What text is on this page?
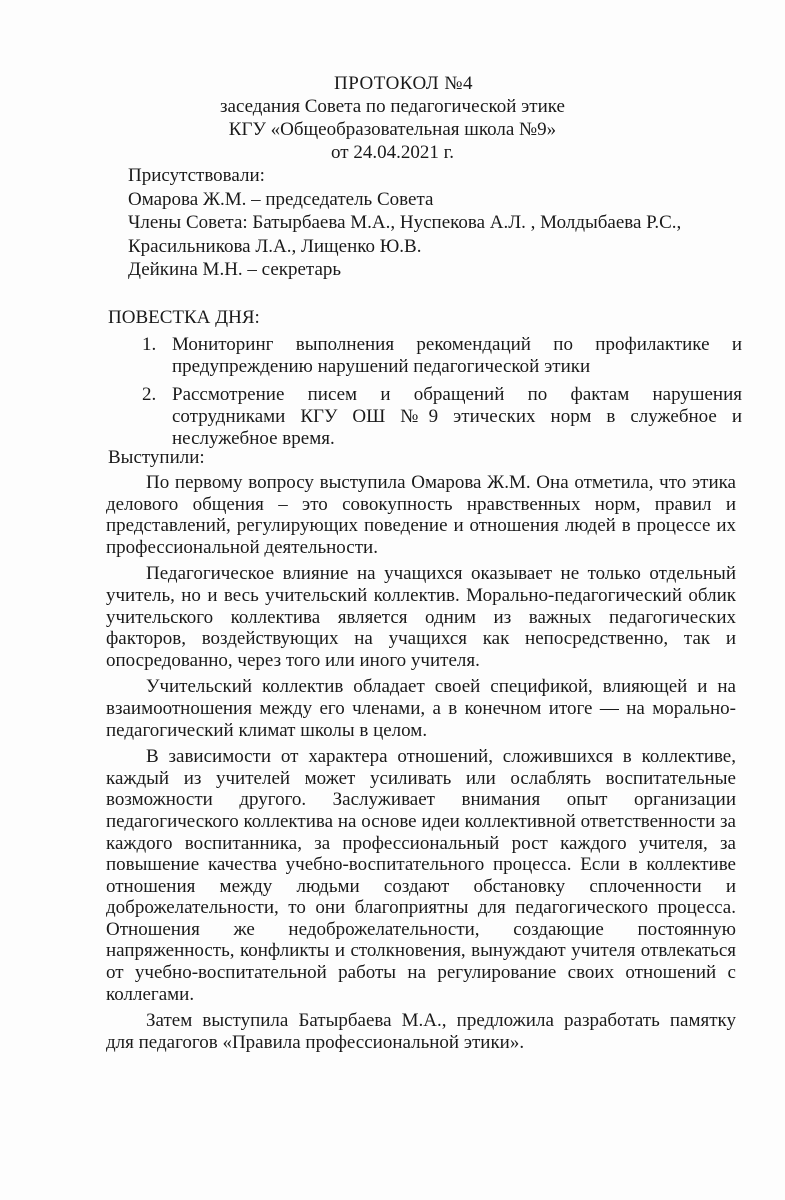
ПРОТОКОЛ №4
заседания Совета по педагогической этике
КГУ «Общеобразовательная школа №9»
от 24.04.2021 г.
Присутствовали:
Омарова Ж.М. – председатель Совета
Члены Совета: Батырбаева М.А., Нуспекова А.Л. , Молдыбаева Р.С.,
Красильникова Л.А., Лищенко Ю.В.
Дейкина М.Н. – секретарь
ПОВЕСТКА ДНЯ:
1. Мониторинг выполнения рекомендаций по профилактике и предупреждению нарушений педагогической этики
2. Рассмотрение писем и обращений по фактам нарушения сотрудниками КГУ ОШ №9 этических норм в служебное и неслужебное время.
Выступили:

По первому вопросу выступила Омарова Ж.М. Она отметила, что этика делового общения – это совокупность нравственных норм, правил и представлений, регулирующих поведение и отношения людей в процессе их профессиональной деятельности.

Педагогическое влияние на учащихся оказывает не только отдельный учитель, но и весь учительский коллектив. Морально-педагогический облик учительского коллектива является одним из важных педагогических факторов, воздействующих на учащихся как непосредственно, так и опосредованно, через того или иного учителя.

Учительский коллектив обладает своей спецификой, влияющей и на взаимоотношения между его членами, а в конечном итоге — на морально-педагогический климат школы в целом.

В зависимости от характера отношений, сложившихся в коллективе, каждый из учителей может усиливать или ослаблять воспитательные возможности другого. Заслуживает внимания опыт организации педагогического коллектива на основе идеи коллективной ответственности за каждого воспитанника, за профессиональный рост каждого учителя, за повышение качества учебно-воспитательного процесса. Если в коллективе отношения между людьми создают обстановку сплоченности и доброжелательности, то они благоприятны для педагогического процесса. Отношения же недоброжелательности, создающие постоянную напряженность, конфликты и столкновения, вынуждают учителя отвлекаться от учебно-воспитательной работы на регулирование своих отношений с коллегами.

Затем выступила Батырбаева М.А., предложила разработать памятку для педагогов «Правила профессиональной этики».
